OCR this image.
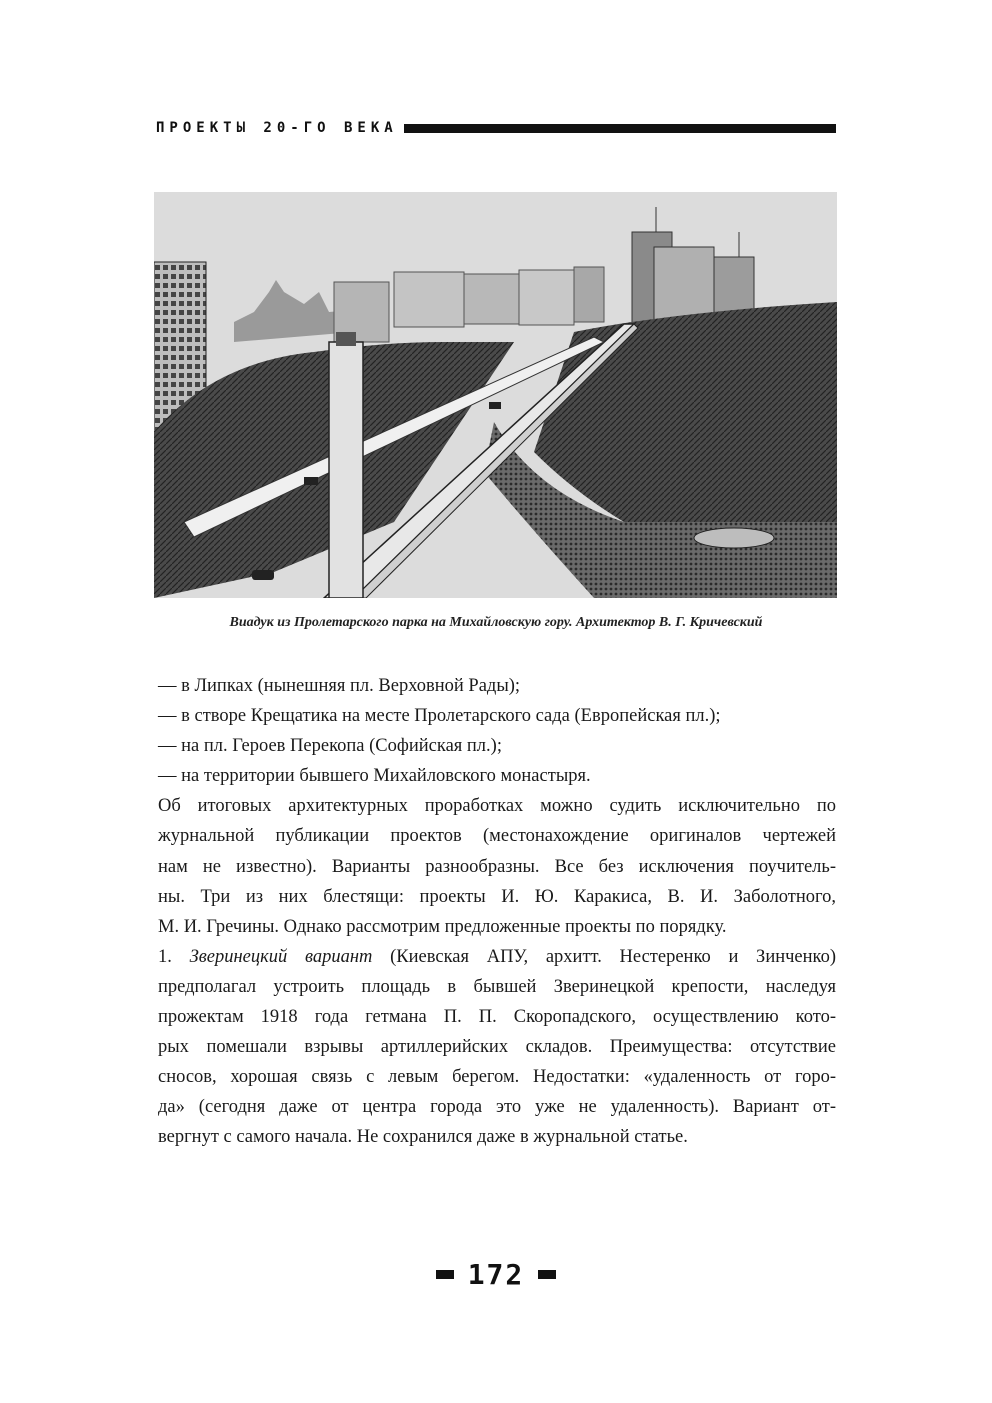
ПРОЕКТЫ 20-ГО ВЕКА
Виадук из Пролетарского парка на Михайловскую гору. Архитектор В. Г. Кричевский
— в Липках (нынешняя пл. Верховной Рады);
— в створе Крещатика на месте Пролетарского сада (Европейская пл.);
— на пл. Героев Перекопа (Софийская пл.);
— на территории бывшего Михайловского монастыря.
Об итоговых архитектурных проработках можно судить исключительно по
журнальной публикации проектов (местонахождение оригиналов чертежей
нам не известно). Варианты разнообразны. Все без исключения поучитель-
ны. Три из них блестящи: проекты И. Ю. Каракиса, В. И. Заболотного,
М. И. Гречины. Однако рассмотрим предложенные проекты по порядку.
1. Зверинецкий вариант (Киевская АПУ, архитт. Нестеренко и Зинченко)
предполагал устроить площадь в бывшей Зверинецкой крепости, наследуя
прожектам 1918 года гетмана П. П. Скоропадского, осуществлению кото-
рых помешали взрывы артиллерийских складов. Преимущества: отсутствие
сносов, хорошая связь с левым берегом. Недостатки: «удаленность от горо-
да» (сегодня даже от центра города это уже не удаленность). Вариант от-
вергнут с самого начала. Не сохранился даже в журнальной статье.
172
